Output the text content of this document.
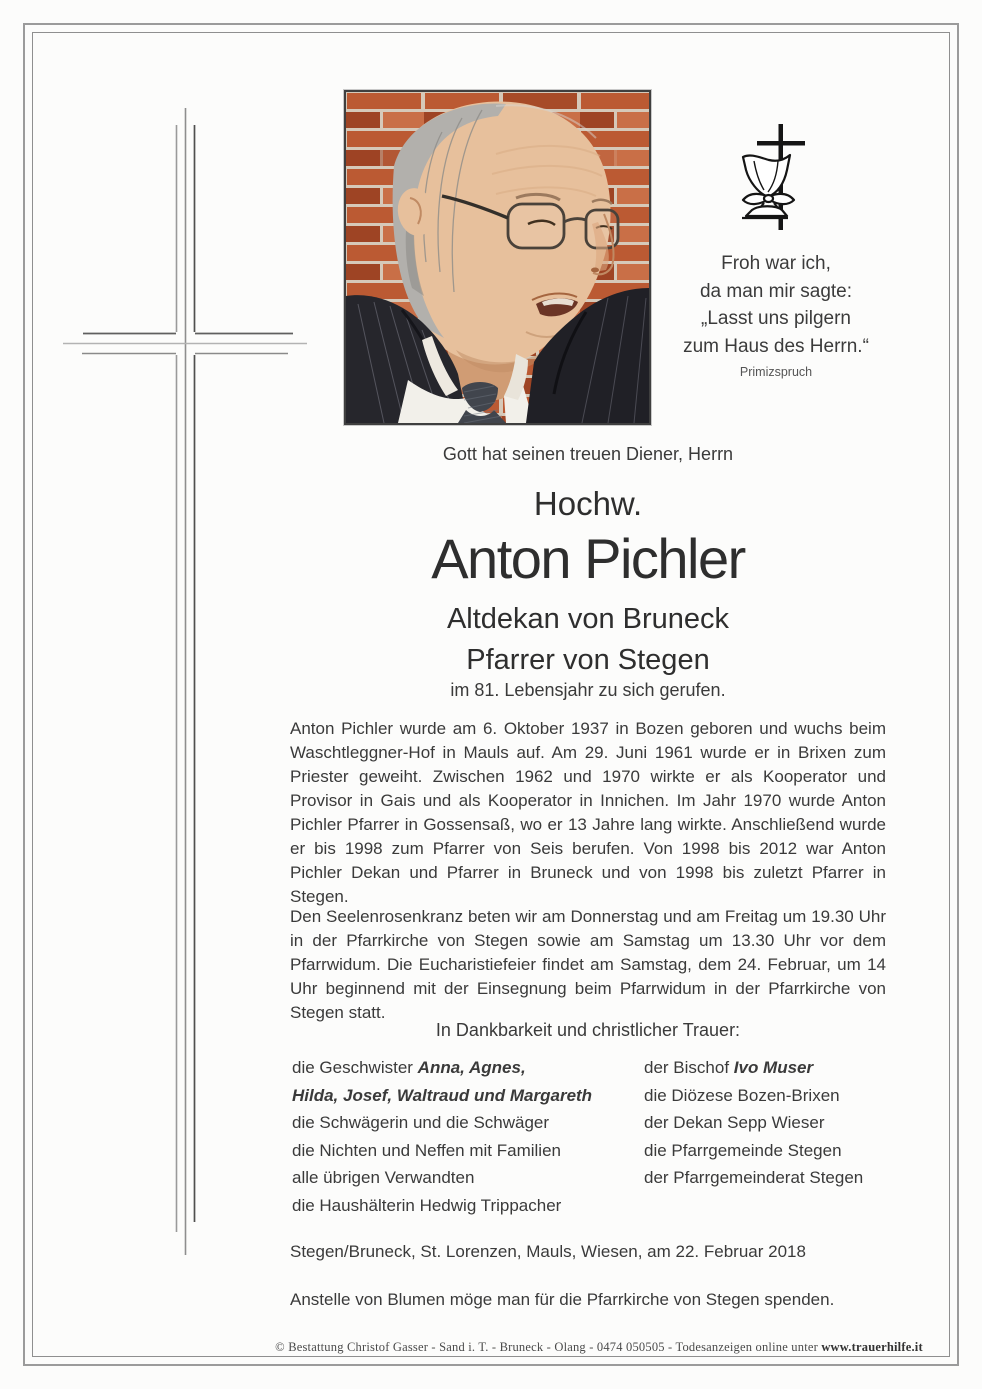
Froh war ich,
da man mir sagte:
„Lasst uns pilgern
zum Haus des Herrn.“
Primizspruch
Gott hat seinen treuen Diener, Herrn
Hochw.
Anton Pichler
Altdekan von Bruneck
Pfarrer von Stegen
im 81. Lebensjahr zu sich gerufen.
Anton Pichler wurde am 6. Oktober 1937 in Bozen geboren und wuchs beim Waschtleggner-Hof in Mauls auf. Am 29. Juni 1961 wurde er in Brixen zum Priester geweiht. Zwischen 1962 und 1970 wirkte er als Kooperator und Provisor in Gais und als Kooperator in Innichen. Im Jahr 1970 wurde Anton Pichler Pfarrer in Gossensaß, wo er 13 Jahre lang wirkte. Anschließend wurde er bis 1998 zum Pfarrer von Seis berufen. Von 1998 bis 2012 war Anton Pichler Dekan und Pfarrer in Bruneck und von 1998 bis zuletzt Pfarrer in Stegen.
Den Seelenrosenkranz beten wir am Donnerstag und am Freitag um 19.30 Uhr in der Pfarrkirche von Stegen sowie am Samstag um 13.30 Uhr vor dem Pfarrwidum. Die Eucharistiefeier findet am Samstag, dem 24. Februar, um 14 Uhr beginnend mit der Einsegnung beim Pfarrwidum in der Pfarrkirche von Stegen statt.
In Dankbarkeit und christlicher Trauer:
die Geschwister Anna, Agnes,
Hilda, Josef, Waltraud und Margareth
die Schwägerin und die Schwäger
die Nichten und Neffen mit Familien
alle übrigen Verwandten
die Haushälterin Hedwig Trippacher
der Bischof Ivo Muser
die Diözese Bozen-Brixen
der Dekan Sepp Wieser
die Pfarrgemeinde Stegen
der Pfarrgemeinderat Stegen
Stegen/Bruneck, St. Lorenzen, Mauls, Wiesen, am 22. Februar 2018
Anstelle von Blumen möge man für die Pfarrkirche von Stegen spenden.
© Bestattung Christof Gasser - Sand i. T. - Bruneck - Olang - 0474 050505 - Todesanzeigen online unter www.trauerhilfe.it
